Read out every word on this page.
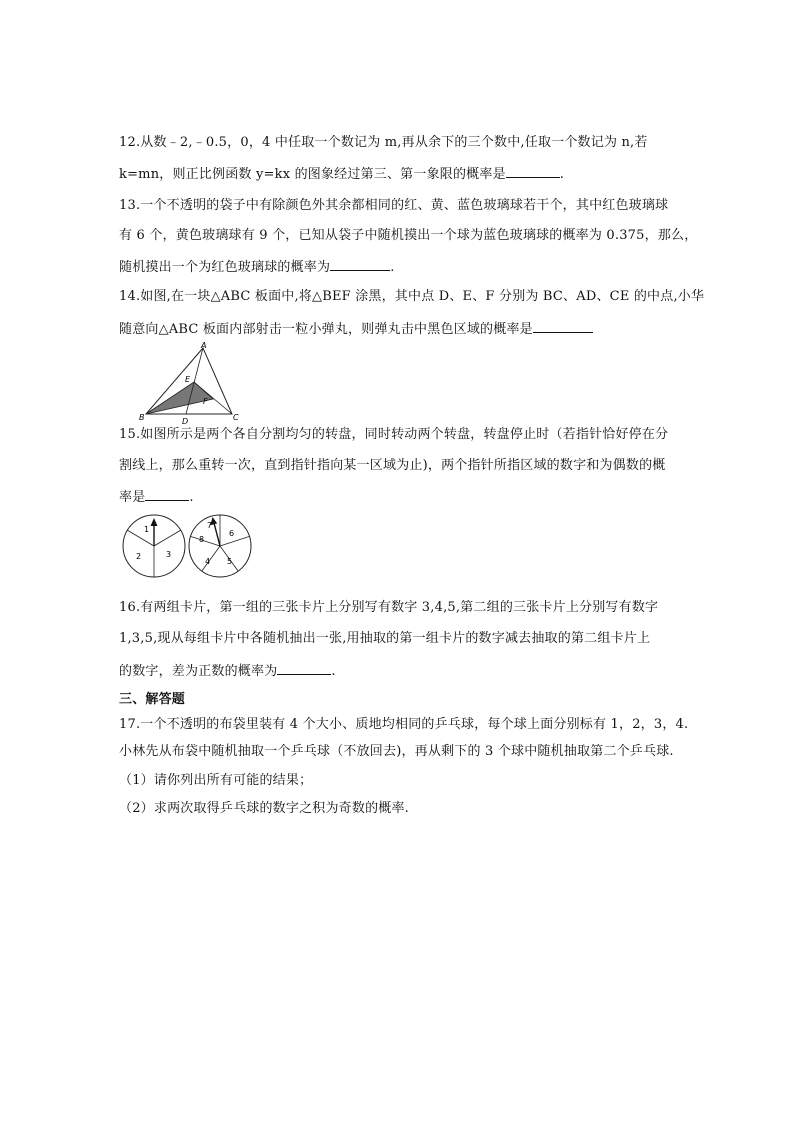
12.从数﹣2,﹣0.5，0，4 中任取一个数记为 m,再从余下的三个数中,任取一个数记为 n,若
k=mn，则正比例函数 y=kx 的图象经过第三、第一象限的概率是	.
13.一个不透明的袋子中有除颜色外其余都相同的红、黄、蓝色玻璃球若干个，其中红色玻璃球
有 6 个，黄色玻璃球有 9 个，已知从袋子中随机摸出一个球为蓝色玻璃球的概率为 0.375，那么，
随机摸出一个为红色玻璃球的概率为	.
14.如图,在一块△ABC 板面中,将△BEF 涂黑，其中点 D、E、F 分别为 BC、AD、CE 的中点,小华
随意向△ABC 板面内部射击一粒小弹丸，则弹丸击中黑色区域的概率是
A
B	C
D
E
F
15.如图所示是两个各自分割均匀的转盘，同时转动两个转盘，转盘停止时（若指针恰好停在分
割线上，那么重转一次，直到指针指向某一区域为止)，两个指针所指区域的数字和为偶数的概
率是	.
1
2	3
6
5
4
8
7
16.有两组卡片，第一组的三张卡片上分别写有数字 3,4,5,第二组的三张卡片上分别写有数字
1,3,5,现从每组卡片中各随机抽出一张,用抽取的第一组卡片的数字减去抽取的第二组卡片上
的数字，差为正数的概率为	.
三、解答题
17.一个不透明的布袋里装有 4 个大小、质地均相同的乒乓球，每个球上面分别标有 1，2，3，4.
小林先从布袋中随机抽取一个乒乓球（不放回去)，再从剩下的 3 个球中随机抽取第二个乒乓球.
（1）请你列出所有可能的结果；
（2）求两次取得乒乓球的数字之积为奇数的概率.
